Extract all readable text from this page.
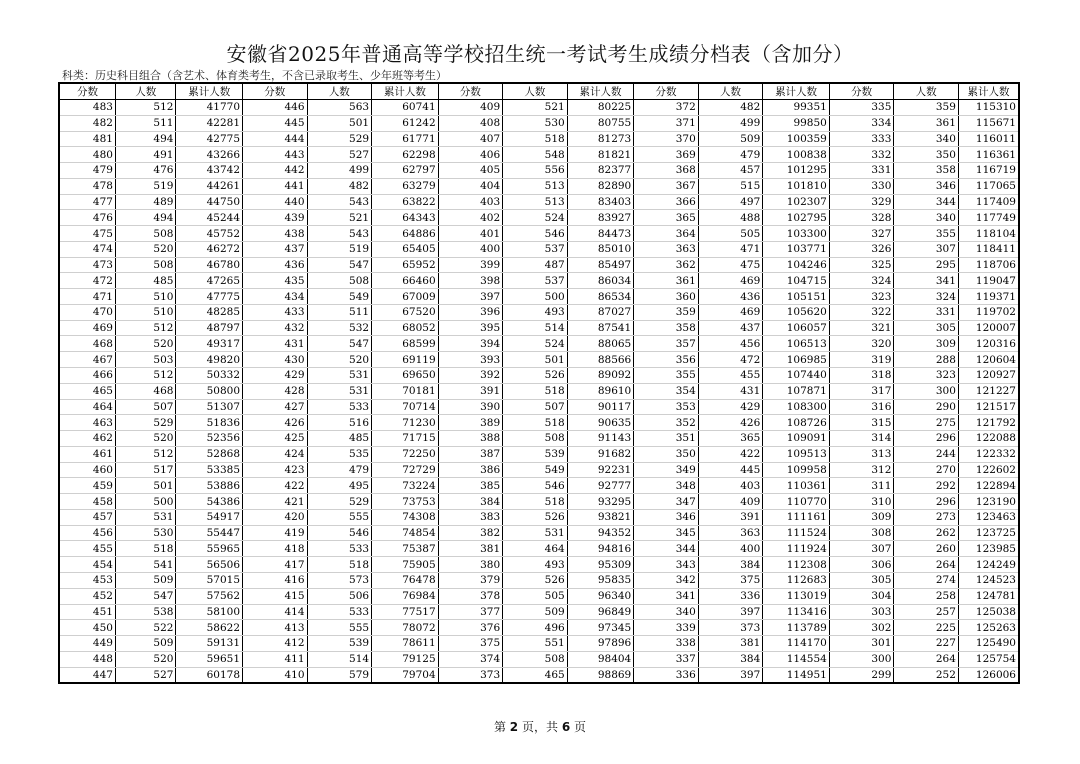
安徽省2025年普通高等学校招生统一考试考生成绩分档表（含加分）
科类：历史科目组合（含艺术、体育类考生，不含已录取考生、少年班等考生）
分数	人数	累计人数	分数	人数	累计人数	分数	人数	累计人数	分数	人数	累计人数	分数	人数	累计人数
483	512	41770	446	563	60741	409	521	80225	372	482	99351	335	359	115310
482	511	42281	445	501	61242	408	530	80755	371	499	99850	334	361	115671
481	494	42775	444	529	61771	407	518	81273	370	509	100359	333	340	116011
480	491	43266	443	527	62298	406	548	81821	369	479	100838	332	350	116361
479	476	43742	442	499	62797	405	556	82377	368	457	101295	331	358	116719
478	519	44261	441	482	63279	404	513	82890	367	515	101810	330	346	117065
477	489	44750	440	543	63822	403	513	83403	366	497	102307	329	344	117409
476	494	45244	439	521	64343	402	524	83927	365	488	102795	328	340	117749
475	508	45752	438	543	64886	401	546	84473	364	505	103300	327	355	118104
474	520	46272	437	519	65405	400	537	85010	363	471	103771	326	307	118411
473	508	46780	436	547	65952	399	487	85497	362	475	104246	325	295	118706
472	485	47265	435	508	66460	398	537	86034	361	469	104715	324	341	119047
471	510	47775	434	549	67009	397	500	86534	360	436	105151	323	324	119371
470	510	48285	433	511	67520	396	493	87027	359	469	105620	322	331	119702
469	512	48797	432	532	68052	395	514	87541	358	437	106057	321	305	120007
468	520	49317	431	547	68599	394	524	88065	357	456	106513	320	309	120316
467	503	49820	430	520	69119	393	501	88566	356	472	106985	319	288	120604
466	512	50332	429	531	69650	392	526	89092	355	455	107440	318	323	120927
465	468	50800	428	531	70181	391	518	89610	354	431	107871	317	300	121227
464	507	51307	427	533	70714	390	507	90117	353	429	108300	316	290	121517
463	529	51836	426	516	71230	389	518	90635	352	426	108726	315	275	121792
462	520	52356	425	485	71715	388	508	91143	351	365	109091	314	296	122088
461	512	52868	424	535	72250	387	539	91682	350	422	109513	313	244	122332
460	517	53385	423	479	72729	386	549	92231	349	445	109958	312	270	122602
459	501	53886	422	495	73224	385	546	92777	348	403	110361	311	292	122894
458	500	54386	421	529	73753	384	518	93295	347	409	110770	310	296	123190
457	531	54917	420	555	74308	383	526	93821	346	391	111161	309	273	123463
456	530	55447	419	546	74854	382	531	94352	345	363	111524	308	262	123725
455	518	55965	418	533	75387	381	464	94816	344	400	111924	307	260	123985
454	541	56506	417	518	75905	380	493	95309	343	384	112308	306	264	124249
453	509	57015	416	573	76478	379	526	95835	342	375	112683	305	274	124523
452	547	57562	415	506	76984	378	505	96340	341	336	113019	304	258	124781
451	538	58100	414	533	77517	377	509	96849	340	397	113416	303	257	125038
450	522	58622	413	555	78072	376	496	97345	339	373	113789	302	225	125263
449	509	59131	412	539	78611	375	551	97896	338	381	114170	301	227	125490
448	520	59651	411	514	79125	374	508	98404	337	384	114554	300	264	125754
447	527	60178	410	579	79704	373	465	98869	336	397	114951	299	252	126006
第 2 页，共 6 页
